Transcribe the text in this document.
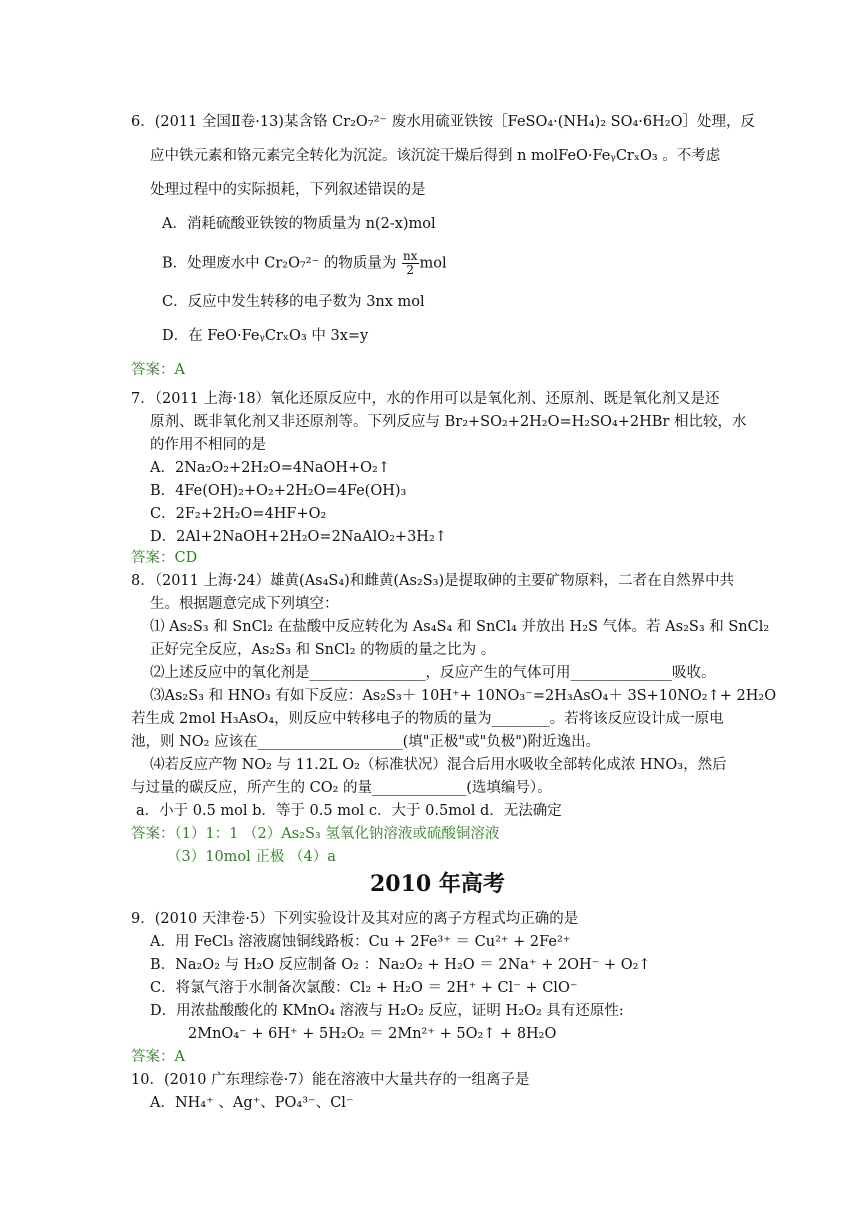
6．(2011 全国Ⅱ卷·13)某含铬 Cr₂O₇²⁻ 废水用硫亚铁铵［FeSO₄·(NH₄)₂ SO₄·6H₂O］处理，反
应中铁元素和铬元素完全转化为沉淀。该沉淀干燥后得到 n molFeO·FeᵧCrₓO₃ 。不考虑
处理过程中的实际损耗，下列叙述错误的是
A．消耗硫酸亚铁铵的物质量为 n(2-x)mol
B．处理废水中 Cr₂O₇²⁻ 的物质量为 $\frac{nx}{2}$ mol
C．反应中发生转移的电子数为 3nx mol
D．在 FeO·FeᵧCrₓO₃ 中 3x=y
答案：A
7．（2011 上海·18）氧化还原反应中，水的作用可以是氧化剂、还原剂、既是氧化剂又是还
原剂、既非氧化剂又非还原剂等。下列反应与 Br₂+SO₂+2H₂O=H₂SO₄+2HBr 相比较，水
的作用不相同的是
A．2Na₂O₂+2H₂O=4NaOH+O₂↑
B．4Fe(OH)₂+O₂+2H₂O=4Fe(OH)₃
C．2F₂+2H₂O=4HF+O₂
D．2Al+2NaOH+2H₂O=2NaAlO₂+3H₂↑
答案：CD
8．（2011 上海·24）雄黄(As₄S₄)和雌黄(As₂S₃)是提取砷的主要矿物原料，二者在自然界中共
生。根据题意完成下列填空：
⑴ As₂S₃ 和 SnCl₂ 在盐酸中反应转化为 As₄S₄ 和 SnCl₄ 并放出 H₂S 气体。若 As₂S₃ 和 SnCl₂
正好完全反应，As₂S₃ 和 SnCl₂ 的物质的量之比为 。
⑵上述反应中的氧化剂是________________，反应产生的气体可用______________吸收。
⑶As₂S₃ 和 HNO₃ 有如下反应：As₂S₃＋ 10H⁺+ 10NO₃⁻=2H₃AsO₄＋ 3S+10NO₂↑+ 2H₂O
若生成 2mol H₃AsO₄，则反应中转移电子的物质的量为________。若将该反应设计成一原电
池，则 NO₂ 应该在____________________(填"正极"或"负极")附近逸出。
⑷若反应产物 NO₂ 与 11.2L O₂（标准状况）混合后用水吸收全部转化成浓 HNO₃，然后
与过量的碳反应，所产生的 CO₂ 的量_____________(选填编号）。
a．小于 0.5 mol b．等于 0.5 mol c．大于 0.5mol d．无法确定
答案：（1）1：1 （2）As₂S₃ 氢氧化钠溶液或硫酸铜溶液
（3）10mol 正极 （4）a
2010 年高考
9．(2010 天津卷·5）下列实验设计及其对应的离子方程式均正确的是
A．用 FeCl₃ 溶液腐蚀铜线路板：Cu + 2Fe³⁺ ＝ Cu²⁺ + 2Fe²⁺
B．Na₂O₂ 与 H₂O 反应制备 O₂ ：Na₂O₂ + H₂O ＝ 2Na⁺ + 2OH⁻ + O₂↑
C．将氯气溶于水制备次氯酸：Cl₂ + H₂O ＝ 2H⁺ + Cl⁻ + ClO⁻
D．用浓盐酸酸化的 KMnO₄ 溶液与 H₂O₂ 反应，证明 H₂O₂ 具有还原性:
2MnO₄⁻ + 6H⁺ + 5H₂O₂ ＝ 2Mn²⁺ + 5O₂↑ + 8H₂O
答案：A
10．(2010 广东理综卷·7）能在溶液中大量共存的一组离子是
A．NH₄⁺ 、Ag⁺、PO₄³⁻、Cl⁻
